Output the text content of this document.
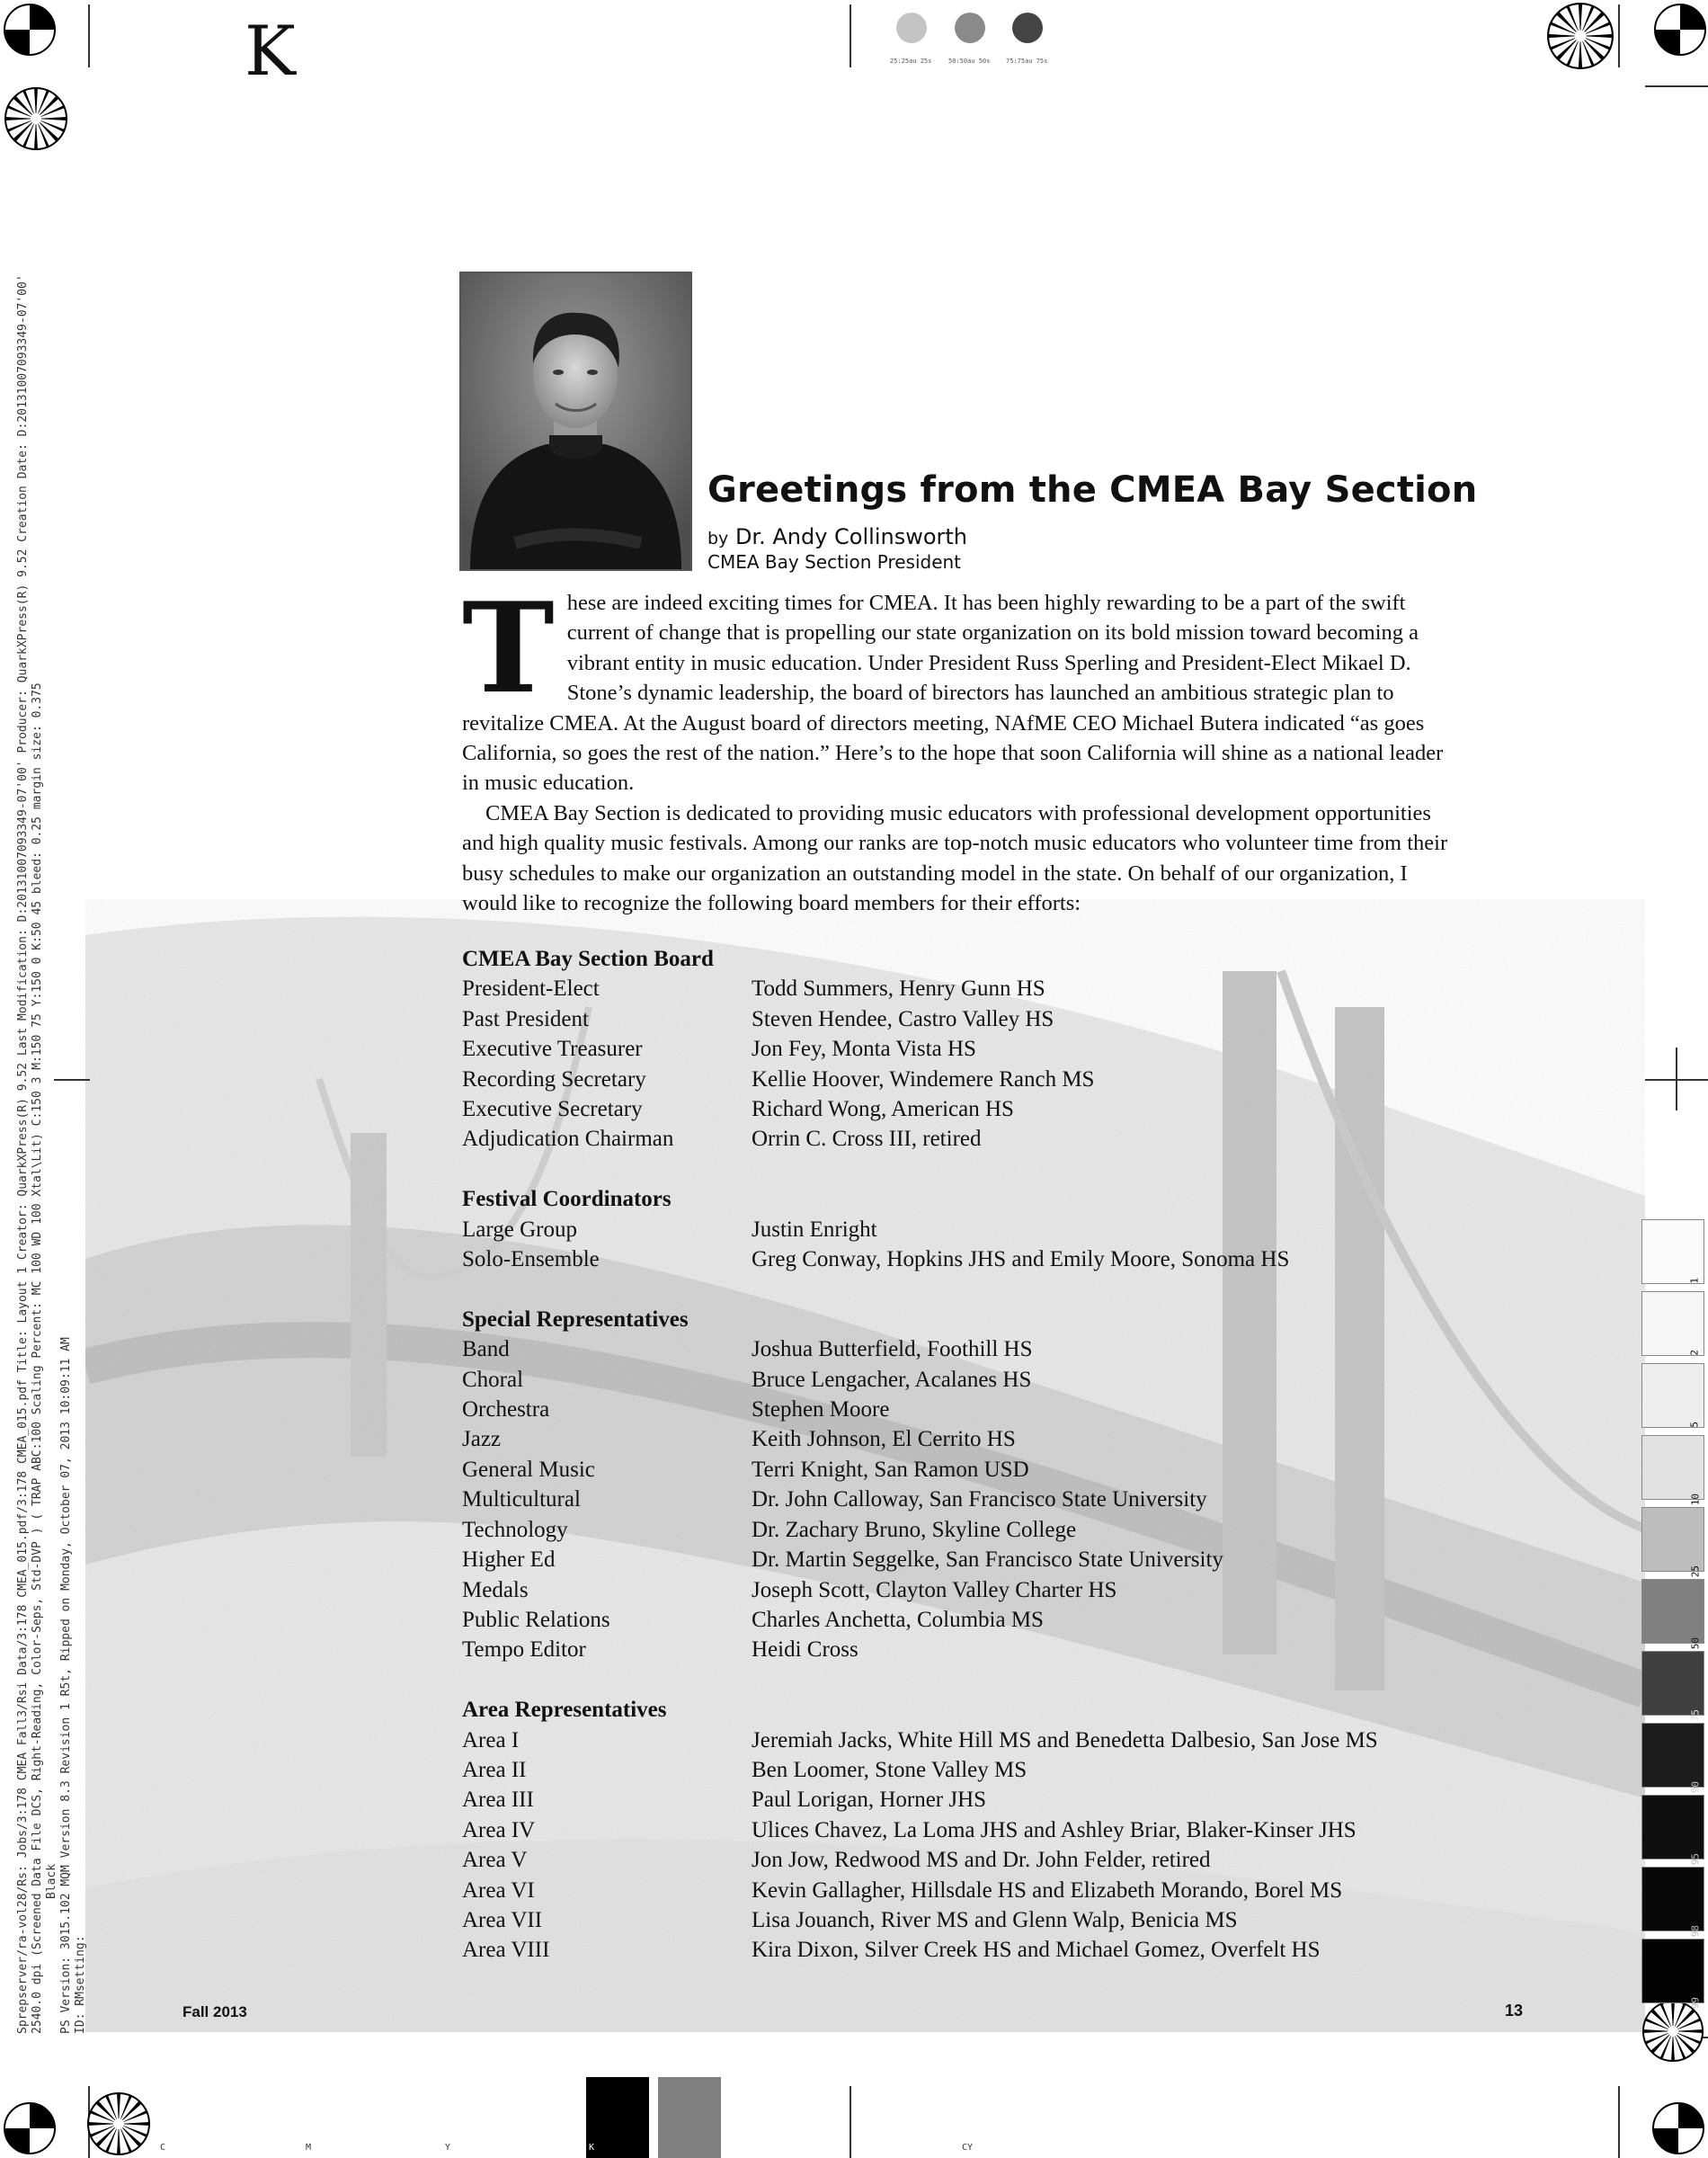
K	25:25au 25s	50:50au 50s	75:75au 75s
Sprepserver/ra-vol28/Rs: Jobs/3:178 CMEA Fall3/Rsi Data/3:178 CMEA_015.pdf/3:178 CMEA_015.pdf Title: Layout 1 Creator: QuarkXPress(R) 9.52 Last Modification: D:20131007093349-07'00' Producer: QuarkXPress(R) 9.52 Creation Date: D:20131007093349-07'00' 2540.0 dpi (Screened Data File DCS, Right-Reading, Color-Seps, Std-DVP ) ( TRAP ABC:100 Scaling Percent: MC 100 WD 100 Xtal\Lit) C:150 3 M:150 75 Y:150 0 K:50 45 bleed: 0.25 margin size: 0.375 Black PS Version: 3015.102 MQM Version 8.3 Revision 1 R5t, Ripped on Monday, October 07, 2013 10:09:11 AM ID: RMsetting:
1
2
5
10
25
50
75
90
95
98
99
C	M	Y	K	CY
Greetings from the CMEA Bay Section
by Dr. Andy Collinsworth
CMEA Bay Section President

These are indeed exciting times for CMEA. It has been highly rewarding to be a part of the swift current of change that is propelling our state organization on its bold mission toward becoming a vibrant entity in music education. Under President Russ Sperling and President-Elect Mikael D. Stone’s dynamic leadership, the board of birectors has launched an ambitious strategic plan to revitalize CMEA. At the August board of directors meeting, NAfME CEO Michael Butera indicated “as goes California, so goes the rest of the nation.” Here’s to the hope that soon California will shine as a national leader in music education.

CMEA Bay Section is dedicated to providing music educators with professional development opportunities and high quality music festivals. Among our ranks are top-notch music educators who volunteer time from their busy schedules to make our organization an outstanding model in the state. On behalf of our organization, I would like to recognize the following board members for their efforts:

CMEA Bay Section Board
President-Elect	Todd Summers, Henry Gunn HS
Past President	Steven Hendee, Castro Valley HS
Executive Treasurer	Jon Fey, Monta Vista HS
Recording Secretary	Kellie Hoover, Windemere Ranch MS
Executive Secretary	Richard Wong, American HS
Adjudication Chairman	Orrin C. Cross III, retired
Festival Coordinators
Large Group	Justin Enright
Solo-Ensemble	Greg Conway, Hopkins JHS and Emily Moore, Sonoma HS
Special Representatives
Band	Joshua Butterfield, Foothill HS
Choral	Bruce Lengacher, Acalanes HS
Orchestra	Stephen Moore
Jazz	Keith Johnson, El Cerrito HS
General Music	Terri Knight, San Ramon USD
Multicultural	Dr. John Calloway, San Francisco State University
Technology	Dr. Zachary Bruno, Skyline College
Higher Ed	Dr. Martin Seggelke, San Francisco State University
Medals	Joseph Scott, Clayton Valley Charter HS
Public Relations	Charles Anchetta, Columbia MS
Tempo Editor	Heidi Cross
Area Representatives
Area I	Jeremiah Jacks, White Hill MS and Benedetta Dalbesio, San Jose MS
Area II	Ben Loomer, Stone Valley MS
Area III	Paul Lorigan, Horner JHS
Area IV	Ulices Chavez, La Loma JHS and Ashley Briar, Blaker-Kinser JHS
Area V	Jon Jow, Redwood MS and Dr. John Felder, retired
Area VI	Kevin Gallagher, Hillsdale HS and Elizabeth Morando, Borel MS
Area VII	Lisa Jouanch, River MS and Glenn Walp, Benicia MS
Area VIII	Kira Dixon, Silver Creek HS and Michael Gomez, Overfelt HS
Fall 2013	13
